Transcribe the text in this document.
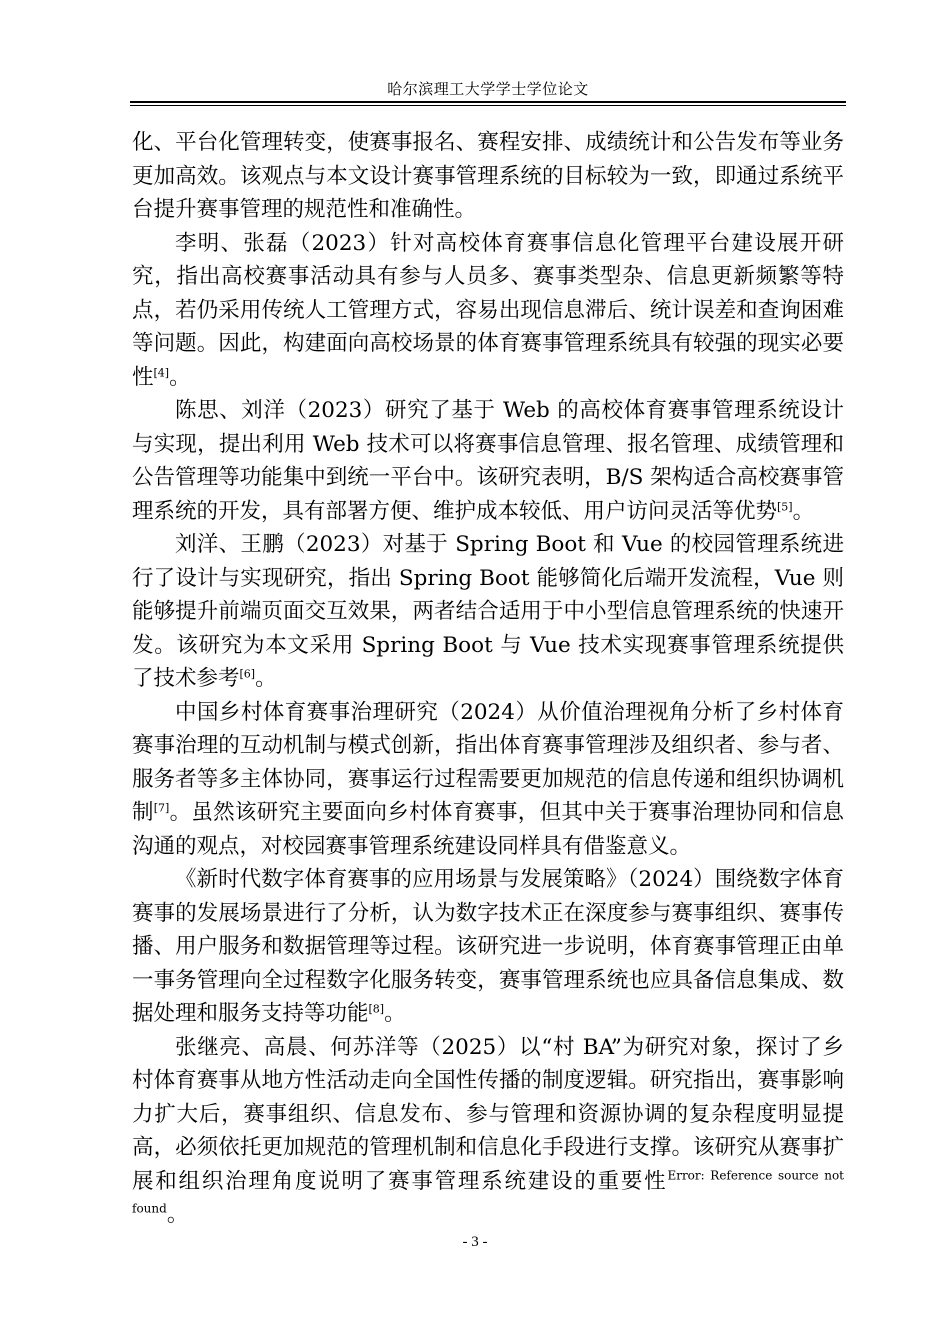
哈尔滨理工大学学士学位论文

化、平台化管理转变，使赛事报名、赛程安排、成绩统计和公告发布等业务更加高效。该观点与本文设计赛事管理系统的目标较为一致，即通过系统平台提升赛事管理的规范性和准确性。

李明、张磊（2023）针对高校体育赛事信息化管理平台建设展开研究，指出高校赛事活动具有参与人员多、赛事类型杂、信息更新频繁等特点，若仍采用传统人工管理方式，容易出现信息滞后、统计误差和查询困难等问题。因此，构建面向高校场景的体育赛事管理系统具有较强的现实必要性[4]。

陈思、刘洋（2023）研究了基于 Web 的高校体育赛事管理系统设计与实现，提出利用 Web 技术可以将赛事信息管理、报名管理、成绩管理和公告管理等功能集中到统一平台中。该研究表明，B/S 架构适合高校赛事管理系统的开发，具有部署方便、维护成本较低、用户访问灵活等优势[5]。

刘洋、王鹏（2023）对基于 Spring Boot 和 Vue 的校园管理系统进行了设计与实现研究，指出 Spring Boot 能够简化后端开发流程，Vue 则能够提升前端页面交互效果，两者结合适用于中小型信息管理系统的快速开发。该研究为本文采用 Spring Boot 与 Vue 技术实现赛事管理系统提供了技术参考[6]。

中国乡村体育赛事治理研究（2024）从价值治理视角分析了乡村体育赛事治理的互动机制与模式创新，指出体育赛事管理涉及组织者、参与者、服务者等多主体协同，赛事运行过程需要更加规范的信息传递和组织协调机制[7]。虽然该研究主要面向乡村体育赛事，但其中关于赛事治理协同和信息沟通的观点，对校园赛事管理系统建设同样具有借鉴意义。

《新时代数字体育赛事的应用场景与发展策略》（2024）围绕数字体育赛事的发展场景进行了分析，认为数字技术正在深度参与赛事组织、赛事传播、用户服务和数据管理等过程。该研究进一步说明，体育赛事管理正由单一事务管理向全过程数字化服务转变，赛事管理系统也应具备信息集成、数据处理和服务支持等功能[8]。

张继亮、高晨、何苏洋等（2025）以“村 BA”为研究对象，探讨了乡村体育赛事从地方性活动走向全国性传播的制度逻辑。研究指出，赛事影响力扩大后，赛事组织、信息发布、参与管理和资源协调的复杂程度明显提高，必须依托更加规范的管理机制和信息化手段进行支撑。该研究从赛事扩展和组织治理角度说明了赛事管理系统建设的重要性$^{Error: Reference source not found}$。

- 3 -
